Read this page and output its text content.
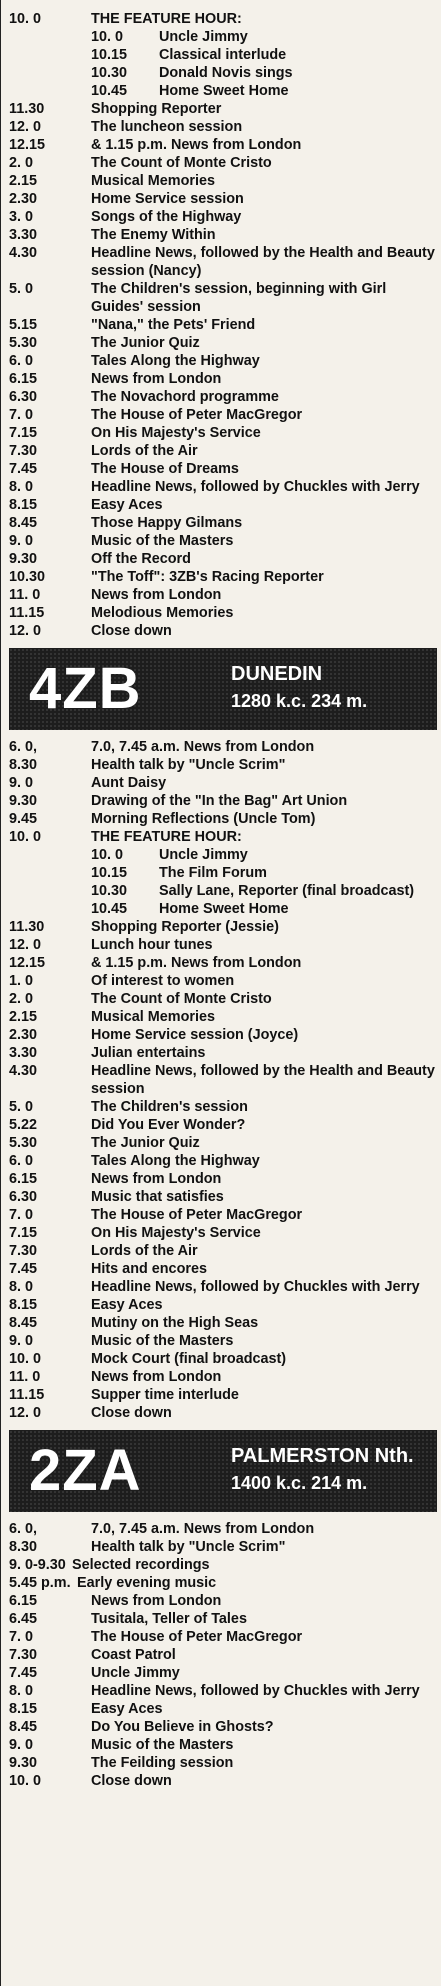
10. 0	THE FEATURE HOUR:
10. 0 Uncle Jimmy
10.15 Classical interlude
10.30 Donald Novis sings
10.45 Home Sweet Home
11.30	Shopping Reporter
12. 0	The luncheon session
12.15	& 1.15 p.m. News from London
2. 0	The Count of Monte Cristo
2.15	Musical Memories
2.30	Home Service session
3. 0	Songs of the Highway
3.30	The Enemy Within
4.30	Headline News, followed by the Health and Beauty session (Nancy)
5. 0	The Children's session, beginning with Girl Guides' session
5.15	"Nana," the Pets' Friend
5.30	The Junior Quiz
6. 0	Tales Along the Highway
6.15	News from London
6.30	The Novachord programme
7. 0	The House of Peter MacGregor
7.15	On His Majesty's Service
7.30	Lords of the Air
7.45	The House of Dreams
8. 0	Headline News, followed by Chuckles with Jerry
8.15	Easy Aces
8.45	Those Happy Gilmans
9. 0	Music of the Masters
9.30	Off the Record
10.30	"The Toff": 3ZB's Racing Reporter
11. 0	News from London
11.15	Melodious Memories
12. 0	Close down
4ZB	DUNEDIN
1280 k.c. 234 m.
6. 0,	7.0, 7.45 a.m. News from London
8.30	Health talk by "Uncle Scrim"
9. 0	Aunt Daisy
9.30	Drawing of the "In the Bag" Art Union
9.45	Morning Reflections (Uncle Tom)
10. 0	THE FEATURE HOUR:
10. 0 Uncle Jimmy
10.15 The Film Forum
10.30 Sally Lane, Reporter (final broadcast)
10.45 Home Sweet Home
11.30	Shopping Reporter (Jessie)
12. 0	Lunch hour tunes
12.15	& 1.15 p.m. News from London
1. 0	Of interest to women
2. 0	The Count of Monte Cristo
2.15	Musical Memories
2.30	Home Service session (Joyce)
3.30	Julian entertains
4.30	Headline News, followed by the Health and Beauty session
5. 0	The Children's session
5.22	Did You Ever Wonder?
5.30	The Junior Quiz
6. 0	Tales Along the Highway
6.15	News from London
6.30	Music that satisfies
7. 0	The House of Peter MacGregor
7.15	On His Majesty's Service
7.30	Lords of the Air
7.45	Hits and encores
8. 0	Headline News, followed by Chuckles with Jerry
8.15	Easy Aces
8.45	Mutiny on the High Seas
9. 0	Music of the Masters
10. 0	Mock Court (final broadcast)
11. 0	News from London
11.15	Supper time interlude
12. 0	Close down
2ZA	PALMERSTON Nth.
1400 k.c. 214 m.
6. 0,	7.0, 7.45 a.m. News from London
8.30	Health talk by "Uncle Scrim"
9. 0-9.30 Selected recordings
5.45 p.m. Early evening music
6.15	News from London
6.45	Tusitala, Teller of Tales
7. 0	The House of Peter MacGregor
7.30	Coast Patrol
7.45	Uncle Jimmy
8. 0	Headline News, followed by Chuckles with Jerry
8.15	Easy Aces
8.45	Do You Believe in Ghosts?
9. 0	Music of the Masters
9.30	The Feilding session
10. 0	Close down
